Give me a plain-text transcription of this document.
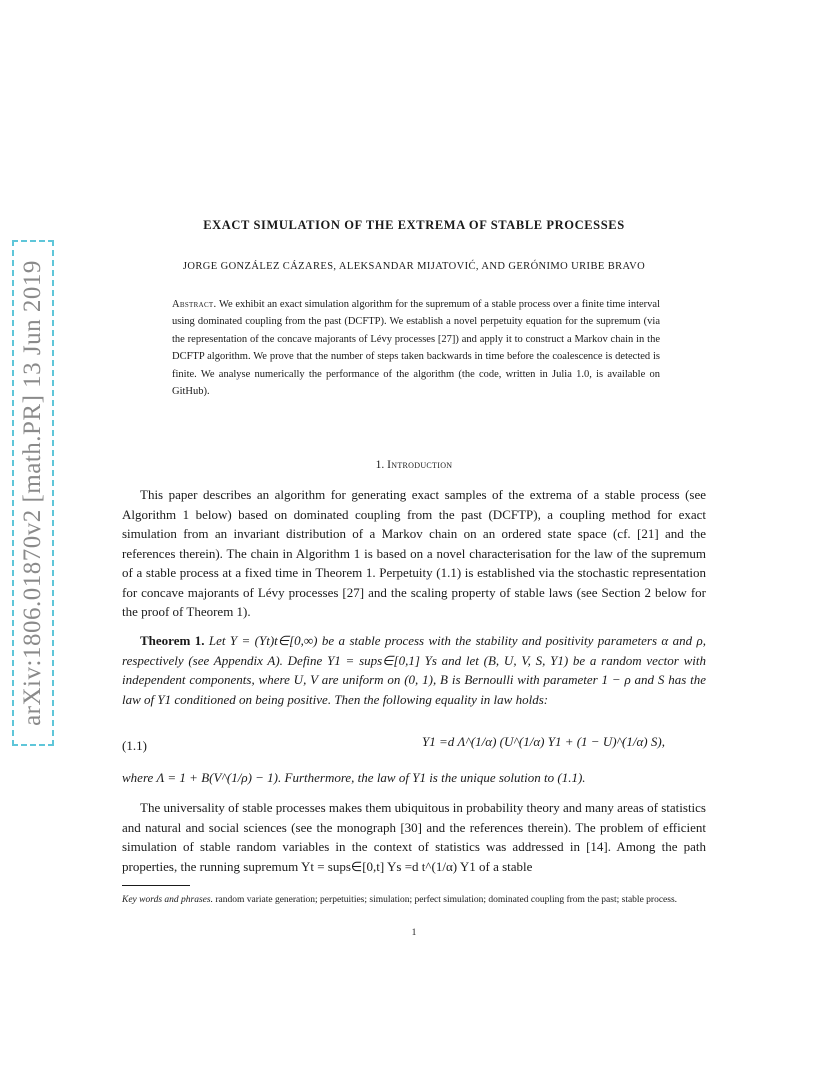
arXiv:1806.01870v2 [math.PR] 13 Jun 2019
EXACT SIMULATION OF THE EXTREMA OF STABLE PROCESSES
JORGE GONZÁLEZ CÁZARES, ALEKSANDAR MIJATOVIĆ, AND GERÓNIMO URIBE BRAVO
Abstract. We exhibit an exact simulation algorithm for the supremum of a stable process over a finite time interval using dominated coupling from the past (DCFTP). We establish a novel perpetuity equation for the supremum (via the representation of the concave majorants of Lévy processes [27]) and apply it to construct a Markov chain in the DCFTP algorithm. We prove that the number of steps taken backwards in time before the coalescence is detected is finite. We analyse numerically the performance of the algorithm (the code, written in Julia 1.0, is available on GitHub).
1. Introduction

This paper describes an algorithm for generating exact samples of the extrema of a stable process (see Algorithm 1 below) based on dominated coupling from the past (DCFTP), a coupling method for exact simulation from an invariant distribution of a Markov chain on an ordered state space (cf. [21] and the references therein). The chain in Algorithm 1 is based on a novel characterisation for the law of the supremum of a stable process at a fixed time in Theorem 1. Perpetuity (1.1) is established via the stochastic representation for concave majorants of Lévy processes [27] and the scaling property of stable laws (see Section 2 below for the proof of Theorem 1).

Theorem 1. Let Y = (Yt)t∈[0,∞) be a stable process with the stability and positivity parameters α and ρ, respectively (see Appendix A). Define Y1 = sups∈[0,1] Ys and let (B, U, V, S, Y1) be a random vector with independent components, where U, V are uniform on (0, 1), B is Bernoulli with parameter 1 − ρ and S has the law of Y1 conditioned on being positive. Then the following equality in law holds:

(1.1)	Y1 =d Λ^(1/α) (U^(1/α) Y1 + (1 − U)^(1/α) S),

where Λ = 1 + B(V^(1/ρ) − 1). Furthermore, the law of Y1 is the unique solution to (1.1).

The universality of stable processes makes them ubiquitous in probability theory and many areas of statistics and natural and social sciences (see the monograph [30] and the references therein). The problem of efficient simulation of stable random variables in the context of statistics was addressed in [14]. Among the path properties, the running supremum Yt = sups∈[0,t] Ys =d t^(1/α) Y1 of a stable

Key words and phrases. random variate generation; perpetuities; simulation; perfect simulation; dominated coupling from the past; stable process.
1
